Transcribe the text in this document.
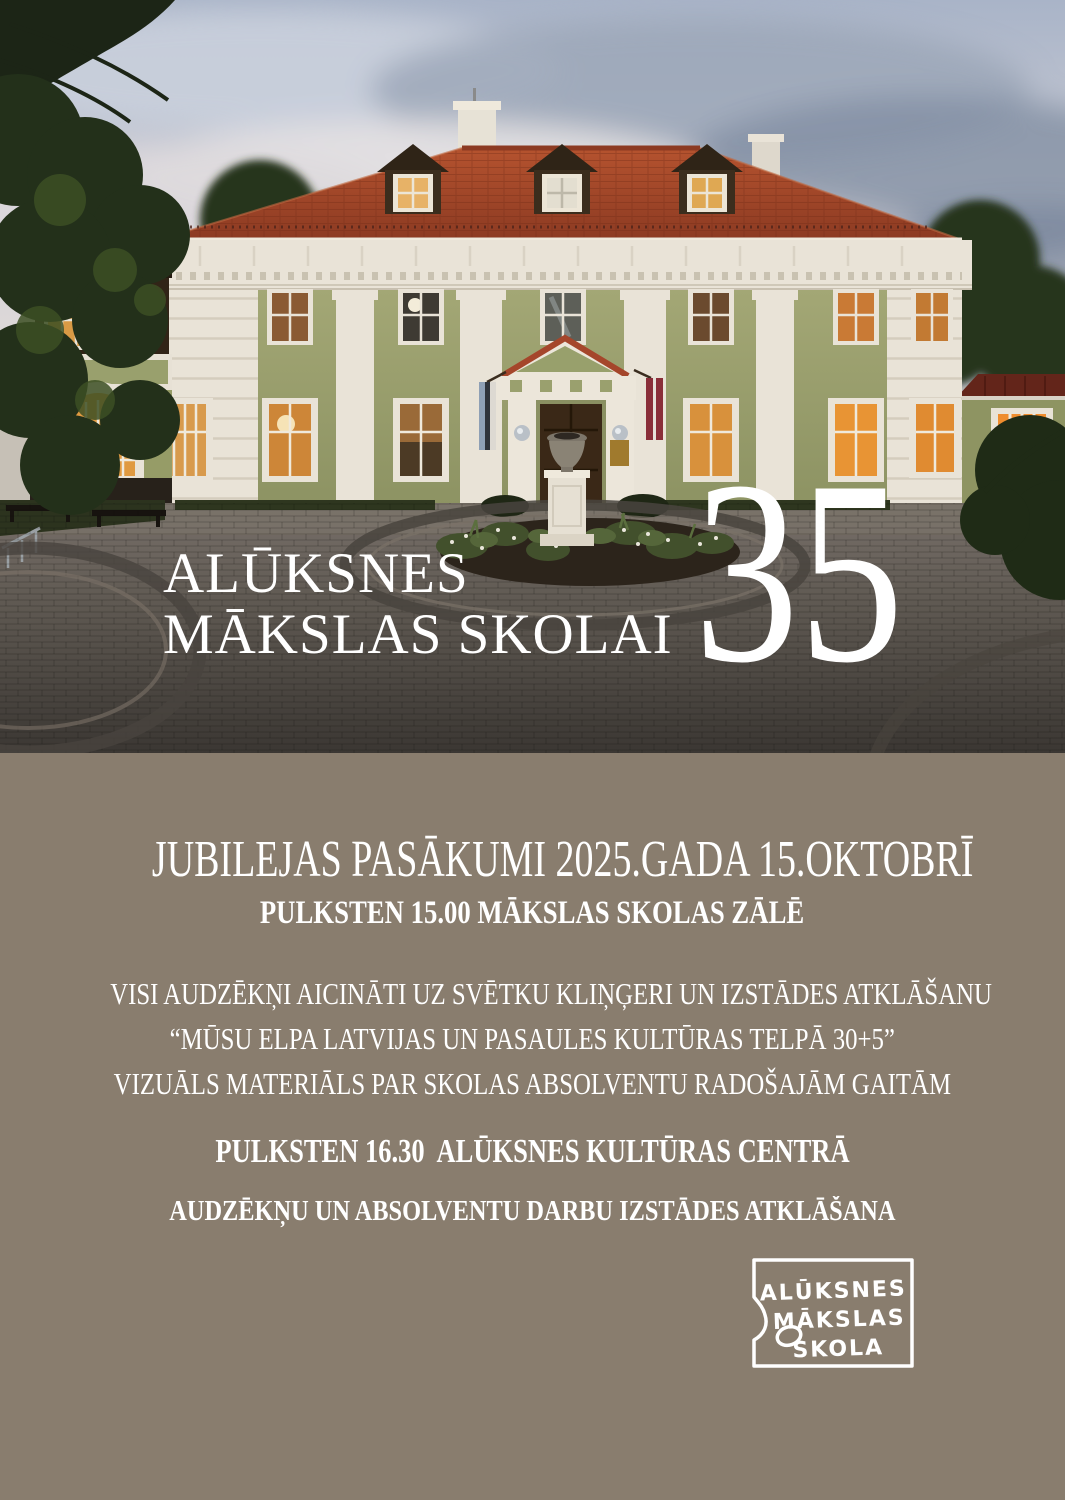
ALŪKSNES
MĀKSLAS SKOLAI 35
JUBILEJAS PASĀKUMI 2025.GADA 15.OKTOBRĪ
PULKSTEN 15.00 MĀKSLAS SKOLAS ZĀLĒ
VISI AUDZĒKŅI AICINĀTI UZ SVĒTKU KLIŅĢERI UN IZSTĀDES ATKLĀŠANU
“MŪSU ELPA LATVIJAS UN PASAULES KULTŪRAS TELPĀ 30+5”
VIZUĀLS MATERIĀLS PAR SKOLAS ABSOLVENTU RADOŠAJĀM GAITĀM
PULKSTEN 16.30  ALŪKSNES KULTŪRAS CENTRĀ
AUDZĒKŅU UN ABSOLVENTU DARBU IZSTĀDES ATKLĀŠANA
ALŪKSNES
MĀKSLAS
SKOLA
